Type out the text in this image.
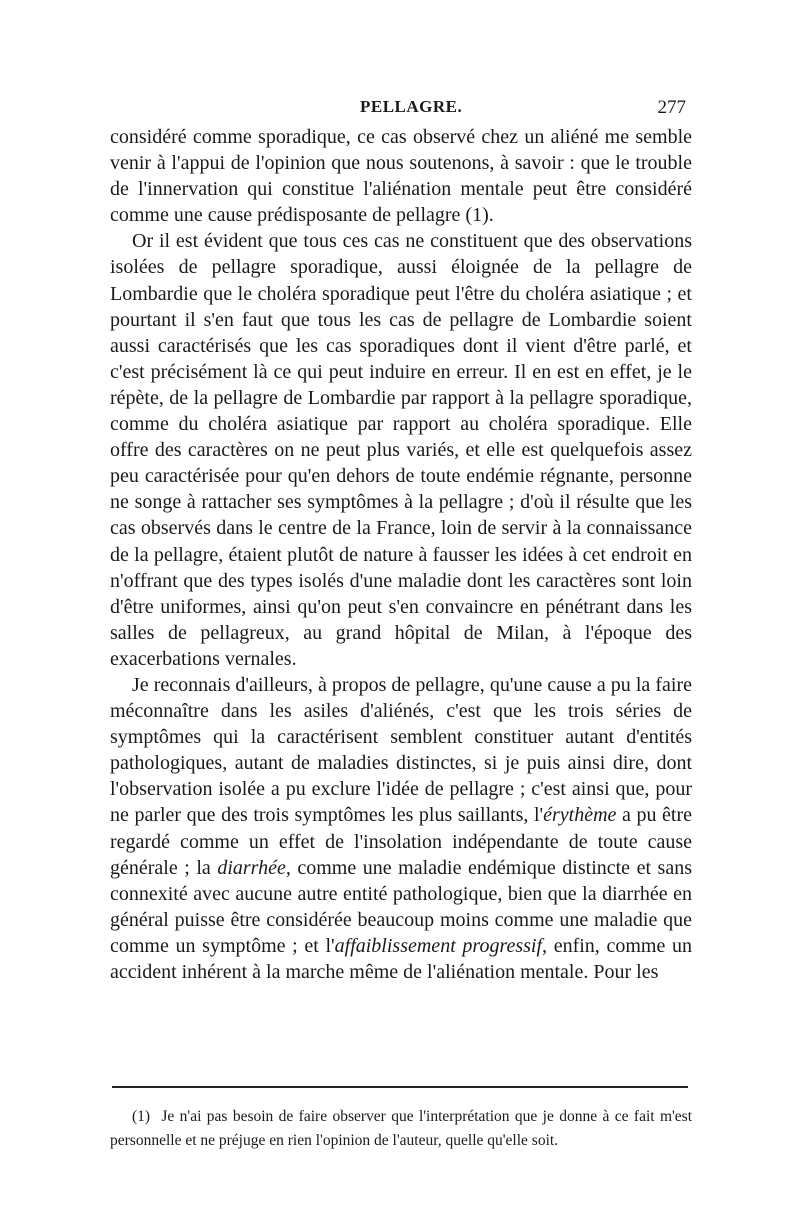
PELLAGRE.	277

considéré comme sporadique, ce cas observé chez un aliéné me semble venir à l'appui de l'opinion que nous soutenons, à savoir : que le trouble de l'innervation qui constitue l'aliénation mentale peut être considéré comme une cause prédisposante de pellagre (1).

Or il est évident que tous ces cas ne constituent que des observations isolées de pellagre sporadique, aussi éloignée de la pellagre de Lombardie que le choléra sporadique peut l'être du choléra asiatique ; et pourtant il s'en faut que tous les cas de pellagre de Lombardie soient aussi caractérisés que les cas sporadiques dont il vient d'être parlé, et c'est précisément là ce qui peut induire en erreur. Il en est en effet, je le répète, de la pellagre de Lombardie par rapport à la pellagre sporadique, comme du choléra asiatique par rapport au choléra sporadique. Elle offre des caractères on ne peut plus variés, et elle est quelquefois assez peu caractérisée pour qu'en dehors de toute endémie régnante, personne ne songe à rattacher ses symptômes à la pellagre ; d'où il résulte que les cas observés dans le centre de la France, loin de servir à la connaissance de la pellagre, étaient plutôt de nature à fausser les idées à cet endroit en n'offrant que des types isolés d'une maladie dont les caractères sont loin d'être uniformes, ainsi qu'on peut s'en convaincre en pénétrant dans les salles de pellagreux, au grand hôpital de Milan, à l'époque des exacerbations vernales.

Je reconnais d'ailleurs, à propos de pellagre, qu'une cause a pu la faire méconnaître dans les asiles d'aliénés, c'est que les trois séries de symptômes qui la caractérisent semblent constituer autant d'entités pathologiques, autant de maladies distinctes, si je puis ainsi dire, dont l'observation isolée a pu exclure l'idée de pellagre ; c'est ainsi que, pour ne parler que des trois symptômes les plus saillants, l'érythème a pu être regardé comme un effet de l'insolation indépendante de toute cause générale ; la diarrhée, comme une maladie endémique distincte et sans connexité avec aucune autre entité pathologique, bien que la diarrhée en général puisse être considérée beaucoup moins comme une maladie que comme un symptôme ; et l'affaiblissement progressif, enfin, comme un accident inhérent à la marche même de l'aliénation mentale. Pour les

(1) Je n'ai pas besoin de faire observer que l'interprétation que je donne à ce fait m'est personnelle et ne préjuge en rien l'opinion de l'auteur, quelle qu'elle soit.
